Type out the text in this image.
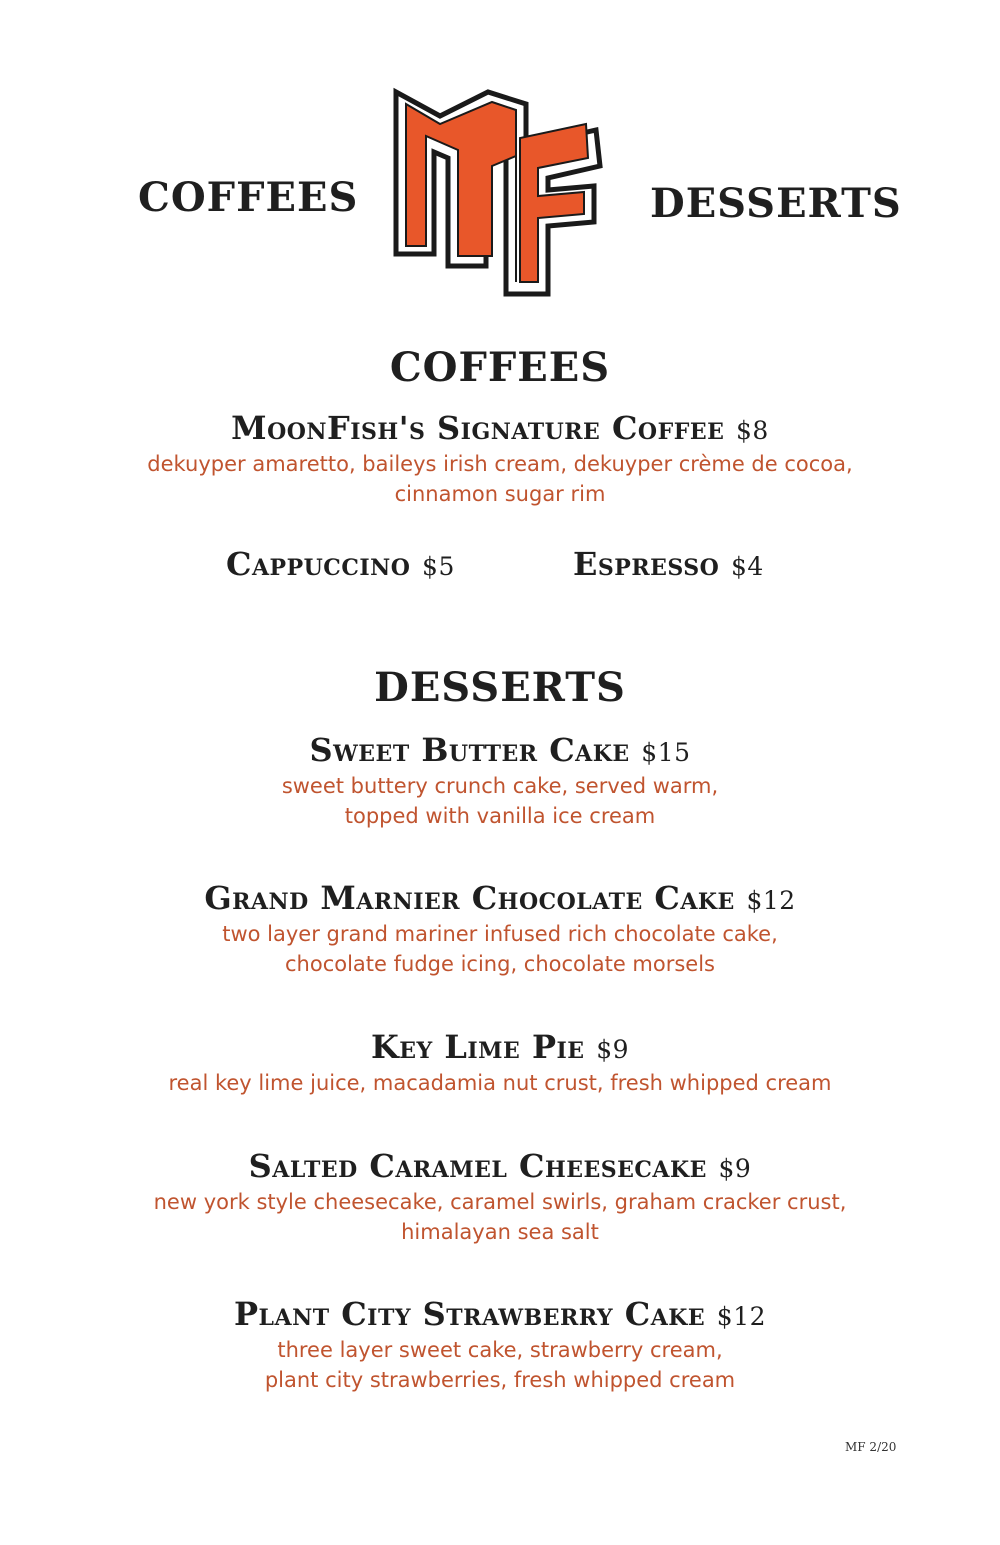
COFFEES	DESSERTS
COFFEES
MoonFish's Signature Coffee $8
dekuyper amaretto, baileys irish cream, dekuyper crème de cocoa,
cinnamon sugar rim
Cappuccino $5	Espresso $4
DESSERTS
Sweet Butter Cake $15
sweet buttery crunch cake, served warm,
topped with vanilla ice cream
Grand Marnier Chocolate Cake $12
two layer grand mariner infused rich chocolate cake,
chocolate fudge icing, chocolate morsels
Key Lime Pie $9
real key lime juice, macadamia nut crust, fresh whipped cream
Salted Caramel Cheesecake $9
new york style cheesecake, caramel swirls, graham cracker crust,
himalayan sea salt
Plant City Strawberry Cake $12
three layer sweet cake, strawberry cream,
plant city strawberries, fresh whipped cream
MF 2/20
